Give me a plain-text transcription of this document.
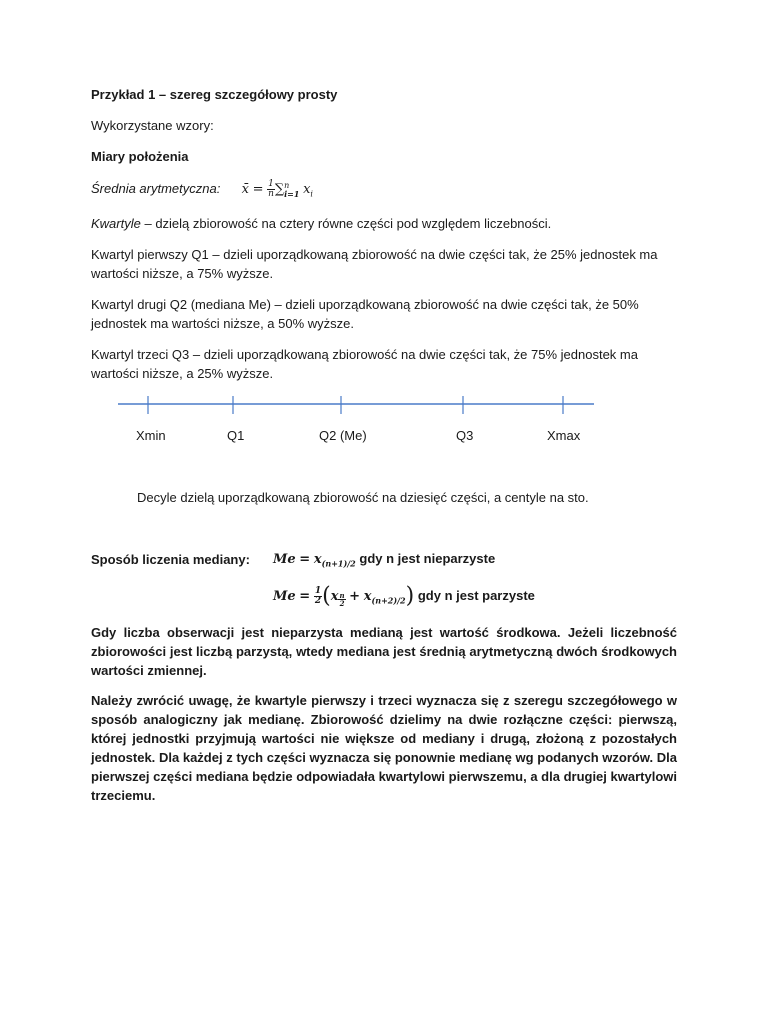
Przykład 1 – szereg szczegółowy prosty

Wykorzystane wzory:

Miary położenia

Średnia arytmetyczna: x̄ = $\frac{1}{n}$ ∑ n
i=1 $x_i$

Kwartyle – dzielą zbiorowość na cztery równe części pod względem liczebności.

Kwartyl pierwszy Q1 – dzieli uporządkowaną zbiorowość na dwie części tak, że 25% jednostek ma wartości niższe, a 75% wyższe.

Kwartyl drugi Q2 (mediana Me) – dzieli uporządkowaną zbiorowość na dwie części tak, że 50% jednostek ma wartości niższe, a 50% wyższe.

Kwartyl trzeci Q3 – dzieli uporządkowaną zbiorowość na dwie części tak, że 75% jednostek ma wartości niższe, a 25% wyższe.

Xmin	Q1	Q2 (Me)	Q3	Xmax

Decyle dzielą uporządkowaną zbiorowość na dziesięć części, a centyle na sto.

Sposób liczenia mediany:	$Me = x_{(n+1)/2}$ gdy n jest nieparzyste
$Me = \frac{1}{2} (x \frac{n}{2} + x_{(n+2)/2})$ gdy n jest parzyste

Gdy liczba obserwacji jest nieparzysta medianą jest wartość środkowa. Jeżeli liczebność zbiorowości jest liczbą parzystą, wtedy mediana jest średnią arytmetyczną dwóch środkowych wartości zmiennej.

Należy zwrócić uwagę, że kwartyle pierwszy i trzeci wyznacza się z szeregu szczegółowego w sposób analogiczny jak medianę. Zbiorowość dzielimy na dwie rozłączne części: pierwszą, której jednostki przyjmują wartości nie większe od mediany i drugą, złożoną z pozostałych jednostek. Dla każdej z tych części wyznacza się ponownie medianę wg podanych wzorów. Dla pierwszej części mediana będzie odpowiadała kwartylowi pierwszemu, a dla drugiej kwartylowi trzeciemu.
